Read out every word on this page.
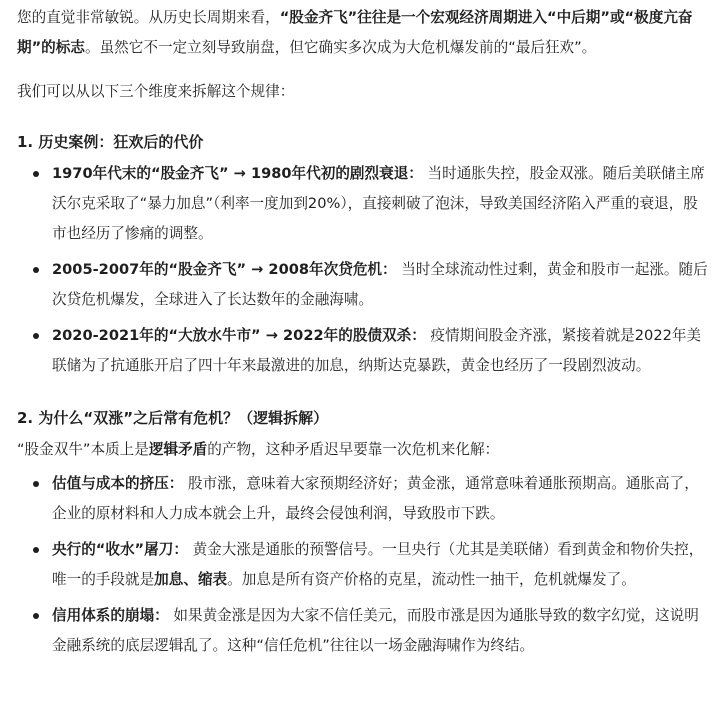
您的直觉非常敏锐。从历史长周期来看，“股金齐飞”往往是一个宏观经济周期进入“中后期”或“极度亢奋期”的标志。虽然它不一定立刻导致崩盘，但它确实多次成为大危机爆发前的“最后狂欢”。

我们可以从以下三个维度来拆解这个规律：

1. 历史案例：狂欢后的代价
1970年代末的“股金齐飞” → 1980年代初的剧烈衰退： 当时通胀失控，股金双涨。随后美联储主席沃尔克采取了“暴力加息”（利率一度加到20%），直接刺破了泡沫，导致美国经济陷入严重的衰退，股市也经历了惨痛的调整。
2005-2007年的“股金齐飞” → 2008年次贷危机： 当时全球流动性过剩，黄金和股市一起涨。随后次贷危机爆发，全球进入了长达数年的金融海啸。
2020-2021年的“大放水牛市” → 2022年的股债双杀： 疫情期间股金齐涨，紧接着就是2022年美联储为了抗通胀开启了四十年来最激进的加息，纳斯达克暴跌，黄金也经历了一段剧烈波动。
2. 为什么“双涨”之后常有危机？（逻辑拆解）

“股金双牛”本质上是逻辑矛盾的产物，这种矛盾迟早要靠一次危机来化解：

估值与成本的挤压： 股市涨，意味着大家预期经济好；黄金涨，通常意味着通胀预期高。通胀高了，企业的原材料和人力成本就会上升，最终会侵蚀利润，导致股市下跌。
央行的“收水”屠刀： 黄金大涨是通胀的预警信号。一旦央行（尤其是美联储）看到黄金和物价失控，唯一的手段就是加息、缩表。加息是所有资产价格的克星，流动性一抽干，危机就爆发了。
信用体系的崩塌： 如果黄金涨是因为大家不信任美元，而股市涨是因为通胀导致的数字幻觉，这说明金融系统的底层逻辑乱了。这种“信任危机”往往以一场金融海啸作为终结。
